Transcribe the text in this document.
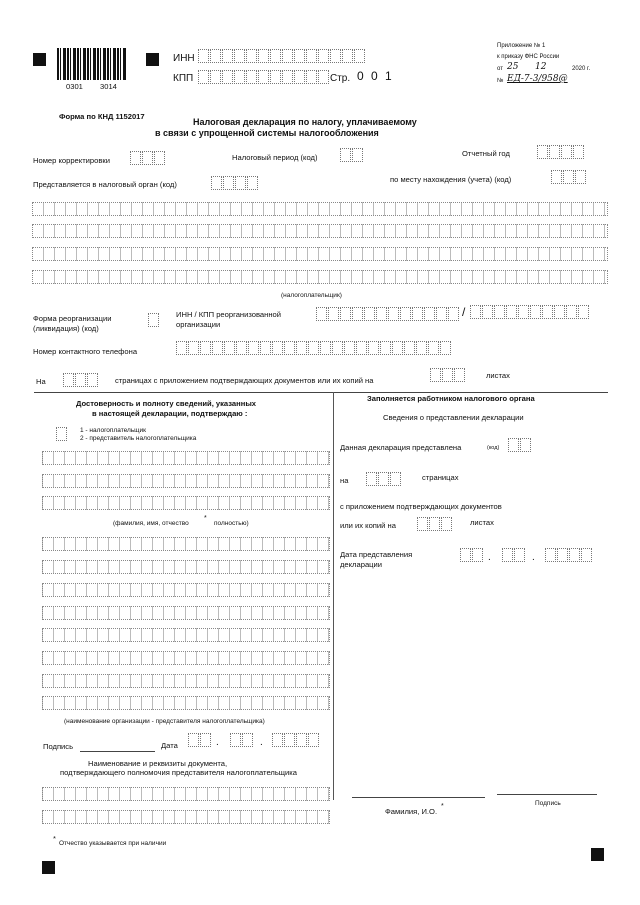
0301 3014
ИНН
КПП	Стр. 0 0 1
Приложение № 1
к приказу ФНС России
от 25 12	2020 г.
№ ЕД-7-3/958@
Форма по КНД 1152017
Налоговая декларация по налогу, уплачиваемому
в связи с упрощенной системы налогообложения
Номер корректировки	Налоговый период (код)	Отчетный год
Представляется в налоговый орган (код)
по месту нахождения (учета) (код)
(налогоплательщик)
Форма реорганизации
(ликвидация) (код)
ИНН / КПП реорганизованной
организации
/
Номер контактного телефона
На	страницах с приложением подтверждающих документов или их копий на
листах
Достоверность и полноту сведений, указанных
в настоящей декларации, подтверждаю :
1 - налогоплательщик
2 - представитель налогоплательщика
(фамилия, имя, отчество
*
полностью)
(наименование организации - представителя налогоплательщика)
Подпись	Дата	.	.
Наименование и реквизиты документа,
подтверждающего полномочия представителя налогоплательщика
Заполняется работником налогового органа
Сведения о представлении декларации
Данная декларация представлена	(код)
на	страницах
с приложением подтверждающих документов
или их копий на	листах
Дата представления
декларации
.	.
Фамилия, И.О.
*	Подпись
*
Отчество указывается при наличии
